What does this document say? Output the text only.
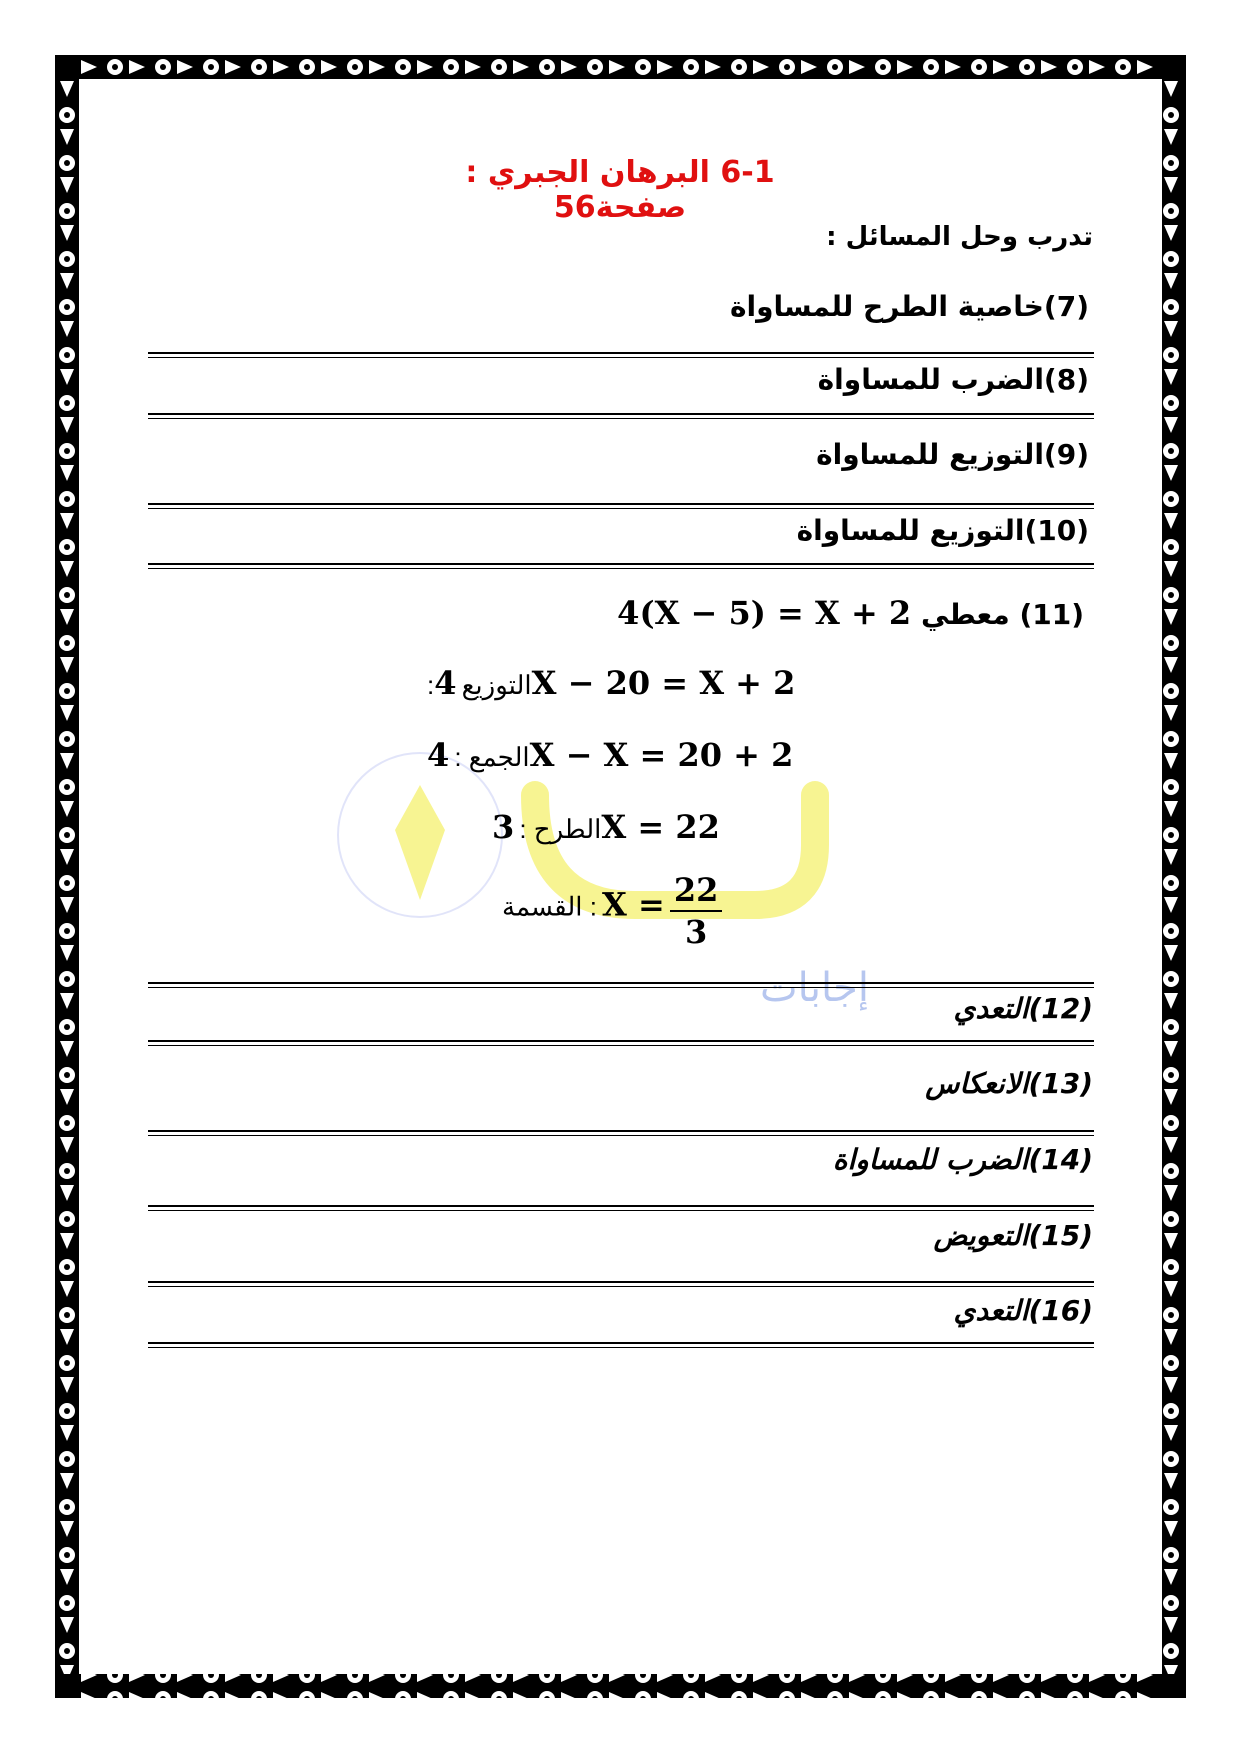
إجابات
6-1 البرهان الجبري : صفحة56
تدرب وحل المسائل :
(7)خاصية الطرح للمساواة
(8)الضرب للمساواة
(9)التوزيع للمساواة
(10)التوزيع للمساواة
(11) معطي 4(X − 5) = X + 2
:التوزيع 4X − 20 = X + 2
الجمع : 4X − X = 20 + 2
الطرح : 3X = 22
القسمة : $X = \frac{22}{3}$
(12)التعدي
(13)الانعكاس
(14)الضرب للمساواة
(15)التعويض
(16)التعدي
